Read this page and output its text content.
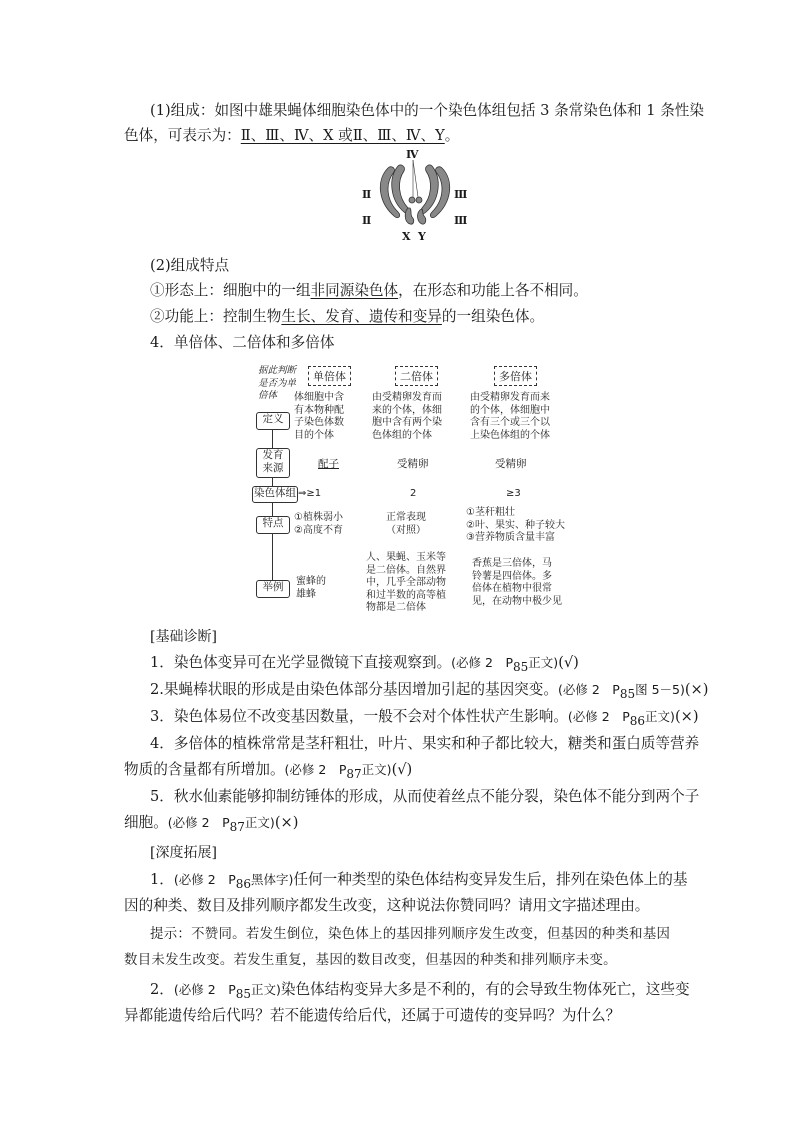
(1)组成：如图中雄果蝇体细胞染色体中的一个染色体组包括 3 条常染色体和 1 条性染
色体，可表示为：Ⅱ、Ⅲ、Ⅳ、X 或Ⅱ、Ⅲ、Ⅳ、Y。
Ⅳ
Ⅱ
Ⅱ
Ⅲ
Ⅲ
X Y
(2)组成特点
①形态上：细胞中的一组非同源染色体，在形态和功能上各不相同。
②功能上：控制生物生长、发育、遗传和变异的一组染色体。
4．单倍体、二倍体和多倍体
据此判断
是否为单
倍体
单倍体	二倍体	多倍体
定义
发育
来源
染色体组
特点
举例
体细胞中含
有本物种配
子染色体数
目的个体
配子
⇒≥1
①植株弱小
②高度不育
蜜蜂的
雄蜂
由受精卵发育而
来的个体，体细
胞中含有两个染
色体组的个体
受精卵
2
正常表现
（对照）
人、果蝇、玉米等
是二倍体。自然界
中，几乎全部动物
和过半数的高等植
物都是二倍体
由受精卵发育而来
的个体，体细胞中
含有三个或三个以
上染色体组的个体
受精卵
≥3
①茎秆粗壮
②叶、果实、种子较大
③营养物质含量丰富
香蕉是三倍体，马
铃薯是四倍体。多
倍体在植物中很常
见，在动物中极少见
[基础诊断]
1．染色体变异可在光学显微镜下直接观察到。(必修 2　$P_{85}$正文)(√)
2.果蝇棒状眼的形成是由染色体部分基因增加引起的基因突变。(必修 2　$P_{85}$图 5－5)(×)
3．染色体易位不改变基因数量，一般不会对个体性状产生影响。(必修 2　$P_{86}$正文)(×)
4．多倍体的植株常常是茎秆粗壮，叶片、果实和种子都比较大，糖类和蛋白质等营养
物质的含量都有所增加。(必修 2　$P_{87}$正文)(√)
5．秋水仙素能够抑制纺锤体的形成，从而使着丝点不能分裂，染色体不能分到两个子
细胞。(必修 2　$P_{87}$正文)(×)
[深度拓展]
1．(必修 2　$P_{86}$黑体字)任何一种类型的染色体结构变异发生后，排列在染色体上的基
因的种类、数目及排列顺序都发生改变，这种说法你赞同吗？请用文字描述理由。
提示：不赞同。若发生倒位，染色体上的基因排列顺序发生改变，但基因的种类和基因
数目未发生改变。若发生重复，基因的数目改变，但基因的种类和排列顺序未变。
2．(必修 2　$P_{85}$正文)染色体结构变异大多是不利的，有的会导致生物体死亡，这些变
异都能遗传给后代吗？若不能遗传给后代，还属于可遗传的变异吗？为什么？
